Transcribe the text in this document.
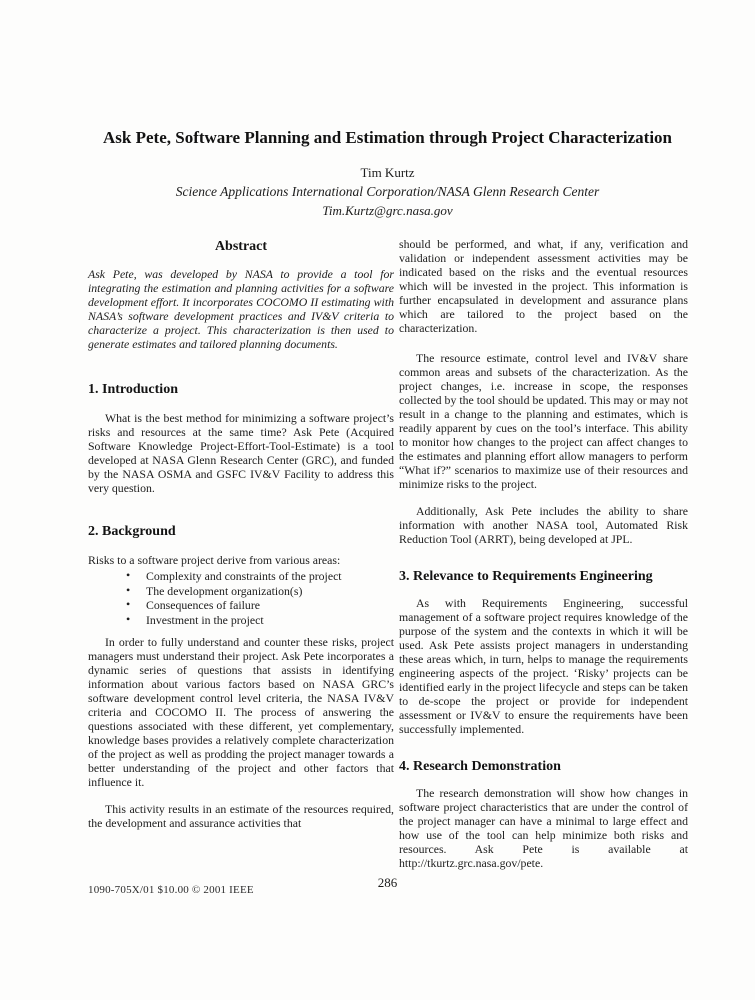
Ask Pete, Software Planning and Estimation through Project Characterization
Tim Kurtz
Science Applications International Corporation/NASA Glenn Research Center
Tim.Kurtz@grc.nasa.gov
Abstract

Ask Pete, was developed by NASA to provide a tool for integrating the estimation and planning activities for a software development effort. It incorporates COCOMO II estimating with NASA’s software development practices and IV&V criteria to characterize a project. This characterization is then used to generate estimates and tailored planning documents.

1. Introduction

What is the best method for minimizing a software project’s risks and resources at the same time? Ask Pete (Acquired Software Knowledge Project-Effort-Tool-Estimate) is a tool developed at NASA Glenn Research Center (GRC), and funded by the NASA OSMA and GSFC IV&V Facility to address this very question.

2. Background

Risks to a software project derive from various areas:

• Complexity and constraints of the project
• The development organization(s)
• Consequences of failure
• Investment in the project

In order to fully understand and counter these risks, project managers must understand their project. Ask Pete incorporates a dynamic series of questions that assists in identifying information about various factors based on NASA GRC’s software development control level criteria, the NASA IV&V criteria and COCOMO II. The process of answering the questions associated with these different, yet complementary, knowledge bases provides a relatively complete characterization of the project as well as prodding the project manager towards a better understanding of the project and other factors that influence it.

This activity results in an estimate of the resources required, the development and assurance activities that

should be performed, and what, if any, verification and validation or independent assessment activities may be indicated based on the risks and the eventual resources which will be invested in the project. This information is further encapsulated in development and assurance plans which are tailored to the project based on the characterization.

The resource estimate, control level and IV&V share common areas and subsets of the characterization. As the project changes, i.e. increase in scope, the responses collected by the tool should be updated. This may or may not result in a change to the planning and estimates, which is readily apparent by cues on the tool’s interface. This ability to monitor how changes to the project can affect changes to the estimates and planning effort allow managers to perform “What if?” scenarios to maximize use of their resources and minimize risks to the project.

Additionally, Ask Pete includes the ability to share information with another NASA tool, Automated Risk Reduction Tool (ARRT), being developed at JPL.

3. Relevance to Requirements Engineering

As with Requirements Engineering, successful management of a software project requires knowledge of the purpose of the system and the contexts in which it will be used. Ask Pete assists project managers in understanding these areas which, in turn, helps to manage the requirements engineering aspects of the project. ‘Risky’ projects can be identified early in the project lifecycle and steps can be taken to de-scope the project or provide for independent assessment or IV&V to ensure the requirements have been successfully implemented.

4. Research Demonstration

The research demonstration will show how changes in software project characteristics that are under the control of the project manager can have a minimal to large effect and how use of the tool can help minimize both risks and resources. Ask Pete is available at http://tkurtz.grc.nasa.gov/pete.

286
1090-705X/01 $10.00 © 2001 IEEE
